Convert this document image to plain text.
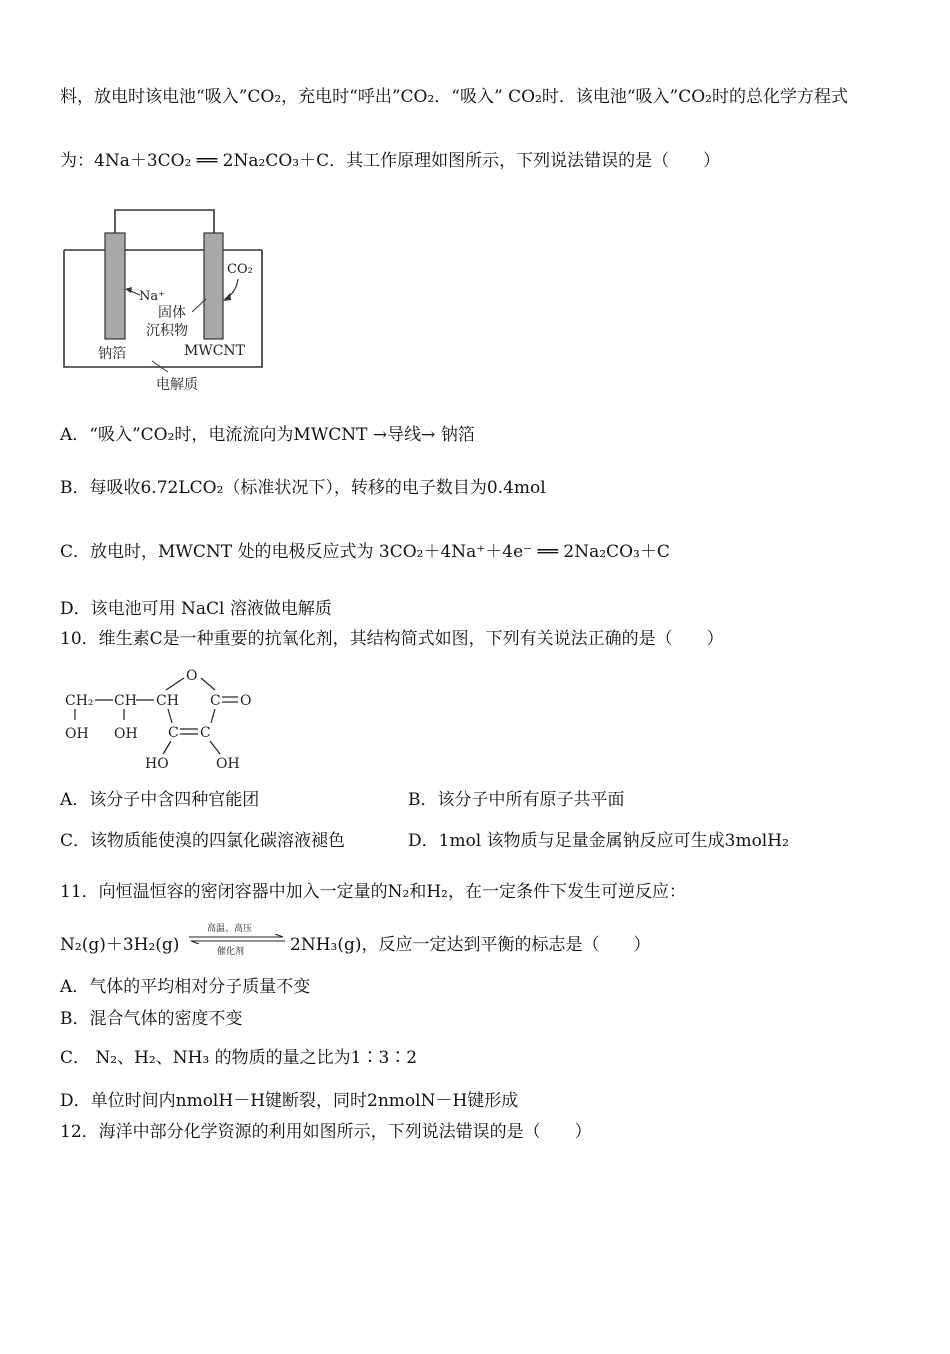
料，放电时该电池“吸入”CO₂，充电时“呼出”CO₂．“吸入” CO₂时．该电池“吸入”CO₂时的总化学方程式
为：4Na＋3CO₂ ══ 2Na₂CO₃＋C．其工作原理如图所示，下列说法错误的是（　　）
CO₂
Na⁺
固体
沉积物
钠箔	MWCNT
电解质
A．“吸入”CO₂时，电流流向为MWCNT →导线→ 钠箔
B．每吸收6.72LCO₂（标准状况下），转移的电子数目为0.4mol
C．放电时，MWCNT 处的电极反应式为 3CO₂＋4Na⁺＋4e⁻ ══ 2Na₂CO₃＋C
D．该电池可用 NaCl 溶液做电解质
10．维生素C是一种重要的抗氧化剂，其结构简式如图，下列有关说法正确的是（　　）
CH₂ CH CH
OH OH
O
C O
C C
HO	OH
A．该分子中含四种官能团	B．该分子中所有原子共平面
C．该物质能使溴的四氯化碳溶液褪色	D．1mol 该物质与足量金属钠反应可生成3molH₂
11．向恒温恒容的密闭容器中加入一定量的N₂和H₂，在一定条件下发生可逆反应：
N₂(g)＋3H₂(g)
高温、高压
催化剂	2NH₃(g)，反应一定达到平衡的标志是（　　）
A．气体的平均相对分子质量不变
B．混合气体的密度不变
C． N₂、H₂、NH₃ 的物质的量之比为1∶3∶2
D．单位时间内nmolH－H键断裂，同时2nmolN－H键形成
12．海洋中部分化学资源的利用如图所示，下列说法错误的是（　　）
